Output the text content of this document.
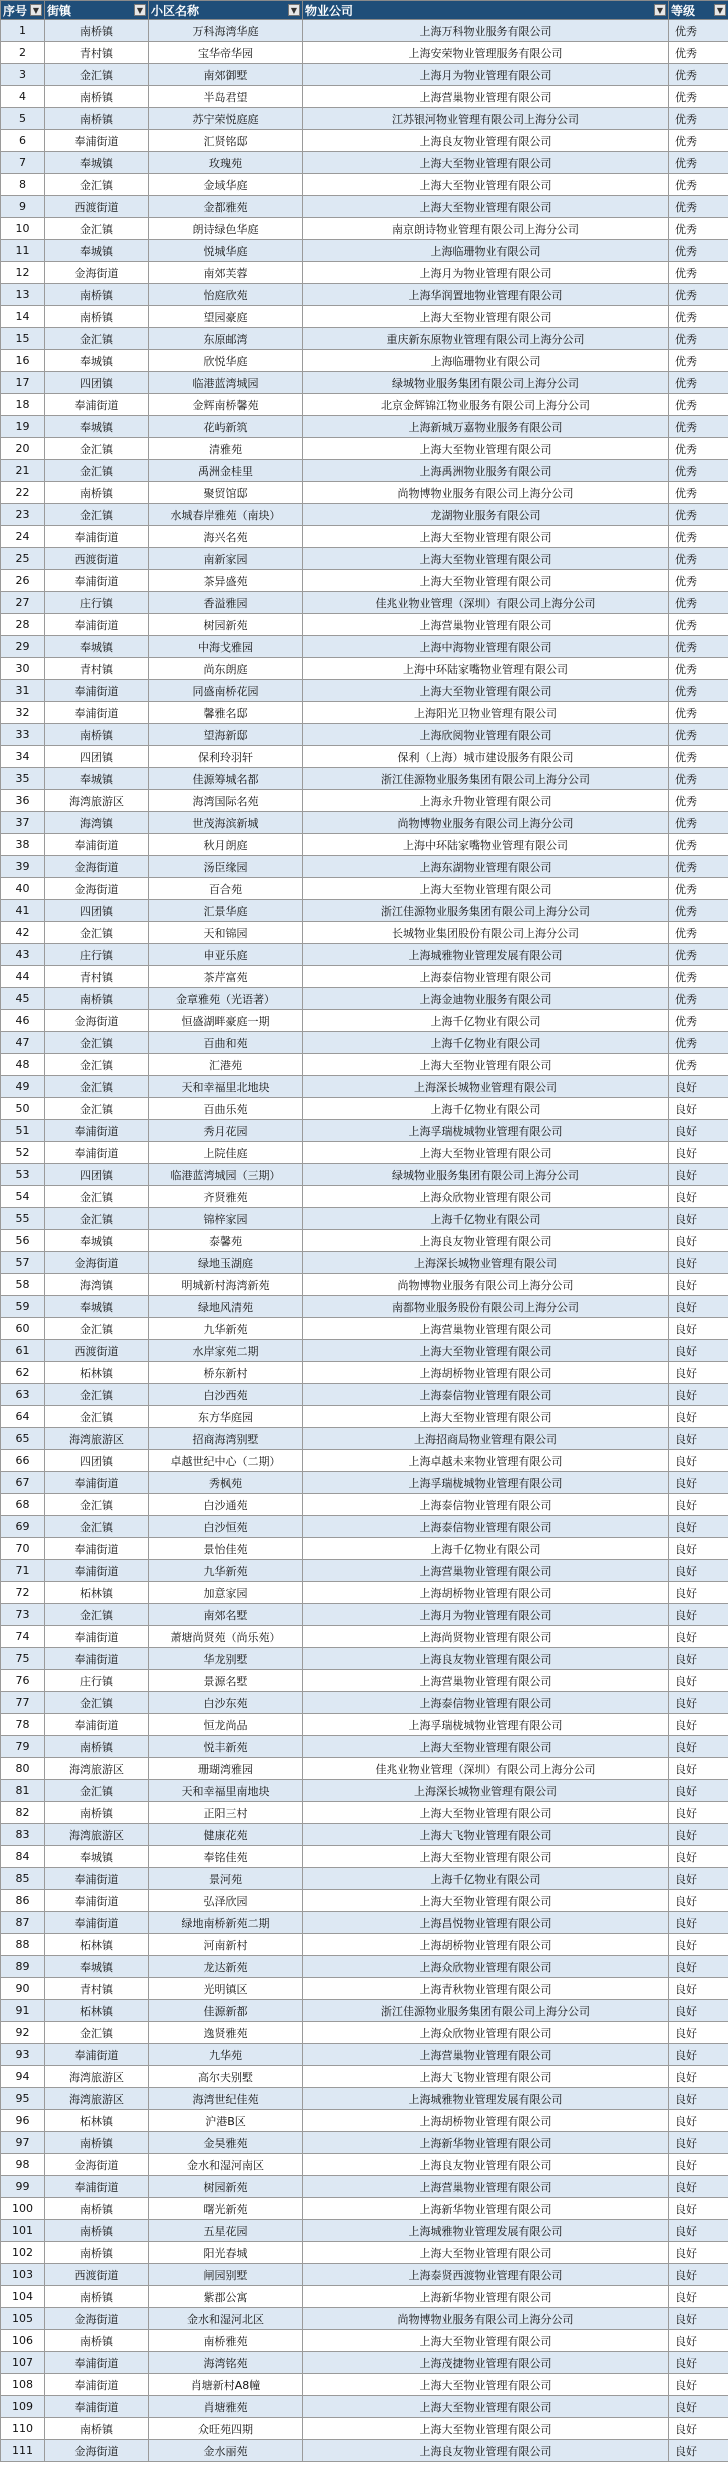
序号 ▼	街镇 ▼	小区名称 ▼	物业公司 ▼	等级 ▼

1	南桥镇	万科海湾华庭	上海万科物业服务有限公司	优秀
2	青村镇	宝华帝华园	上海安荣物业管理服务有限公司	优秀
3	金汇镇	南郊御墅	上海月为物业管理有限公司	优秀
4	南桥镇	半岛君望	上海营巢物业管理有限公司	优秀
5	南桥镇	苏宁荣悦庭庭	江苏银河物业管理有限公司上海分公司	优秀
6	奉浦街道	汇贤铭邸	上海良友物业管理有限公司	优秀
7	奉城镇	玫瑰苑	上海大至物业管理有限公司	优秀
8	金汇镇	金域华庭	上海大至物业管理有限公司	优秀
9	西渡街道	金都雅苑	上海大至物业管理有限公司	优秀
10	金汇镇	朗诗绿色华庭	南京朗诗物业管理有限公司上海分公司	优秀
11	奉城镇	悦城华庭	上海临珊物业有限公司	优秀
12	金海街道	南郊芙蓉	上海月为物业管理有限公司	优秀
13	南桥镇	怡庭欣苑	上海华润置地物业管理有限公司	优秀
14	南桥镇	望园豪庭	上海大至物业管理有限公司	优秀
15	金汇镇	东原邮湾	重庆新东原物业管理有限公司上海分公司	优秀
16	奉城镇	欣悦华庭	上海临珊物业有限公司	优秀
17	四团镇	临港蓝湾城园	绿城物业服务集团有限公司上海分公司	优秀
18	奉浦街道	金辉南桥馨苑	北京金辉锦江物业服务有限公司上海分公司	优秀
19	奉城镇	花屿新筑	上海新城万嘉物业服务有限公司	优秀
20	金汇镇	清雅苑	上海大至物业管理有限公司	优秀
21	金汇镇	禹洲金桂里	上海禹洲物业服务有限公司	优秀
22	南桥镇	聚贸馆邸	尚物博物业服务有限公司上海分公司	优秀
23	金汇镇	水城春岸雅苑（南块）	龙湖物业服务有限公司	优秀
24	奉浦街道	海兴名苑	上海大至物业管理有限公司	优秀
25	西渡街道	南新家园	上海大至物业管理有限公司	优秀
26	奉浦街道	茶异盛苑	上海大至物业管理有限公司	优秀
27	庄行镇	香溢雅园	佳兆业物业管理（深圳）有限公司上海分公司	优秀
28	奉浦街道	树园新苑	上海营巢物业管理有限公司	优秀
29	奉城镇	中海戈雅园	上海中海物业管理有限公司	优秀
30	青村镇	尚东朗庭	上海中环陆家嘴物业管理有限公司	优秀
31	奉浦街道	同盛南桥花园	上海大至物业管理有限公司	优秀
32	奉浦街道	馨雅名邸	上海阳光卫物业管理有限公司	优秀
33	南桥镇	望海新邸	上海欣阅物业管理有限公司	优秀
34	四团镇	保利玲羽轩	保利（上海）城市建设服务有限公司	优秀
35	奉城镇	佳源筹城名都	浙江佳源物业服务集团有限公司上海分公司	优秀
36	海湾旅游区	海湾国际名苑	上海永升物业管理有限公司	优秀
37	海湾镇	世茂海滨新城	尚物博物业服务有限公司上海分公司	优秀
38	奉浦街道	秋月朗庭	上海中环陆家嘴物业管理有限公司	优秀
39	金海街道	汤臣缘园	上海东湖物业管理有限公司	优秀
40	金海街道	百合苑	上海大至物业管理有限公司	优秀
41	四团镇	汇景华庭	浙江佳源物业服务集团有限公司上海分公司	优秀
42	金汇镇	天和锦园	长城物业集团股份有限公司上海分公司	优秀
43	庄行镇	申亚乐庭	上海城雅物业管理发展有限公司	优秀
44	青村镇	茶芹富苑	上海泰信物业管理有限公司	优秀
45	南桥镇	金章雅苑（光语著）	上海金迪物业服务有限公司	优秀
46	金海街道	恒盛湖畔豪庭一期	上海千亿物业有限公司	优秀
47	金汇镇	百曲和苑	上海千亿物业有限公司	优秀
48	金汇镇	汇港苑	上海大至物业管理有限公司	优秀
49	金汇镇	天和幸福里北地块	上海深长城物业管理有限公司	良好
50	金汇镇	百曲乐苑	上海千亿物业有限公司	良好
51	奉浦街道	秀月花园	上海孚瑞栊城物业管理有限公司	良好
52	奉浦街道	上院佳庭	上海大至物业管理有限公司	良好
53	四团镇	临港蓝湾城园（三期）	绿城物业服务集团有限公司上海分公司	良好
54	金汇镇	齐贤雅苑	上海众欣物业管理有限公司	良好
55	金汇镇	锦梓家园	上海千亿物业有限公司	良好
56	奉城镇	泰馨苑	上海良友物业管理有限公司	良好
57	金海街道	绿地玉湖庭	上海深长城物业管理有限公司	良好
58	海湾镇	明城新村海湾新苑	尚物博物业服务有限公司上海分公司	良好
59	奉城镇	绿地风清苑	南都物业服务股份有限公司上海分公司	良好
60	金汇镇	九华新苑	上海营巢物业管理有限公司	良好
61	西渡街道	水岸家苑二期	上海大至物业管理有限公司	良好
62	柘林镇	桥东新村	上海胡桥物业管理有限公司	良好
63	金汇镇	白沙西苑	上海泰信物业管理有限公司	良好
64	金汇镇	东方华庭园	上海大至物业管理有限公司	良好
65	海湾旅游区	招商海湾别墅	上海招商局物业管理有限公司	良好
66	四团镇	卓越世纪中心（二期）	上海卓越未来物业管理有限公司	良好
67	奉浦街道	秀枫苑	上海孚瑞栊城物业管理有限公司	良好
68	金汇镇	白沙通苑	上海泰信物业管理有限公司	良好
69	金汇镇	白沙恒苑	上海泰信物业管理有限公司	良好
70	奉浦街道	景怡佳苑	上海千亿物业有限公司	良好
71	奉浦街道	九华新苑	上海营巢物业管理有限公司	良好
72	柘林镇	加意家园	上海胡桥物业管理有限公司	良好
73	金汇镇	南郊名墅	上海月为物业管理有限公司	良好
74	奉浦街道	萧塘尚贤苑（尚乐苑）	上海尚贤物业管理有限公司	良好
75	奉浦街道	华龙别墅	上海良友物业管理有限公司	良好
76	庄行镇	景源名墅	上海营巢物业管理有限公司	良好
77	金汇镇	白沙东苑	上海泰信物业管理有限公司	良好
78	奉浦街道	恒龙尚品	上海孚瑞栊城物业管理有限公司	良好
79	南桥镇	悦丰新苑	上海大至物业管理有限公司	良好
80	海湾旅游区	珊瑚湾雅园	佳兆业物业管理（深圳）有限公司上海分公司	良好
81	金汇镇	天和幸福里南地块	上海深长城物业管理有限公司	良好
82	南桥镇	正阳三村	上海大至物业管理有限公司	良好
83	海湾旅游区	健康花苑	上海大飞物业管理有限公司	良好
84	奉城镇	奉铭佳苑	上海大至物业管理有限公司	良好
85	奉浦街道	景河苑	上海千亿物业有限公司	良好
86	奉浦街道	弘泽欣园	上海大至物业管理有限公司	良好
87	奉浦街道	绿地南桥新苑二期	上海昌悦物业管理有限公司	良好
88	柘林镇	河南新村	上海胡桥物业管理有限公司	良好
89	奉城镇	龙达新苑	上海众欣物业管理有限公司	良好
90	青村镇	光明镇区	上海青秋物业管理有限公司	良好
91	柘林镇	佳源新都	浙江佳源物业服务集团有限公司上海分公司	良好
92	金汇镇	逸贤雅苑	上海众欣物业管理有限公司	良好
93	奉浦街道	九华苑	上海营巢物业管理有限公司	良好
94	海湾旅游区	高尔夫别墅	上海大飞物业管理有限公司	良好
95	海湾旅游区	海湾世纪佳苑	上海城雅物业管理发展有限公司	良好
96	柘林镇	沪港B区	上海胡桥物业管理有限公司	良好
97	南桥镇	金昊雅苑	上海新华物业管理有限公司	良好
98	金海街道	金水和湿河南区	上海良友物业管理有限公司	良好
99	奉浦街道	树园新苑	上海营巢物业管理有限公司	良好
100	南桥镇	曙光新苑	上海新华物业管理有限公司	良好
101	南桥镇	五星花园	上海城雅物业管理发展有限公司	良好
102	南桥镇	阳光春城	上海大至物业管理有限公司	良好
103	西渡街道	闸园别墅	上海泰贤西渡物业管理有限公司	良好
104	南桥镇	紫郡公寓	上海新华物业管理有限公司	良好
105	金海街道	金水和湿河北区	尚物博物业服务有限公司上海分公司	良好
106	南桥镇	南桥雅苑	上海大至物业管理有限公司	良好
107	奉浦街道	海湾铭苑	上海茂捷物业管理有限公司	良好
108	奉浦街道	肖塘新村A8幢	上海大至物业管理有限公司	良好
109	奉浦街道	肖塘雅苑	上海大至物业管理有限公司	良好
110	南桥镇	众旺苑四期	上海大至物业管理有限公司	良好
111	金海街道	金水丽苑	上海良友物业管理有限公司	良好
